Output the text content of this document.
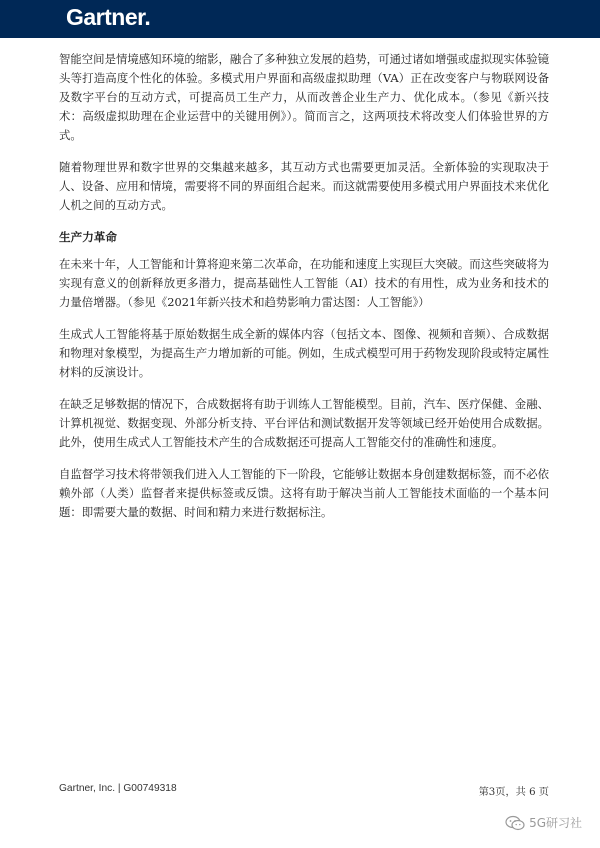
Gartner.

智能空间是情境感知环境的缩影，融合了多种独立发展的趋势，可通过诸如增强或虚拟现实体验镜头等打造高度个性化的体验。多模式用户界面和高级虚拟助理（VA）正在改变客户与物联网设备及数字平台的互动方式，可提高员工生产力，从而改善企业生产力、优化成本。（参见《新兴技术：高级虚拟助理在企业运营中的关键用例》）。简而言之，这两项技术将改变人们体验世界的方式。

随着物理世界和数字世界的交集越来越多，其互动方式也需要更加灵活。全新体验的实现取决于人、设备、应用和情境，需要将不同的界面组合起来。而这就需要使用多模式用户界面技术来优化人机之间的互动方式。

生产力革命

在未来十年，人工智能和计算将迎来第二次革命，在功能和速度上实现巨大突破。而这些突破将为实现有意义的创新释放更多潜力，提高基础性人工智能（AI）技术的有用性，成为业务和技术的力量倍增器。（参见《2021年新兴技术和趋势影响力雷达图：人工智能》）

生成式人工智能将基于原始数据生成全新的媒体内容（包括文本、图像、视频和音频）、合成数据和物理对象模型，为提高生产力增加新的可能。例如，生成式模型可用于药物发现阶段或特定属性材料的反演设计。

在缺乏足够数据的情况下，合成数据将有助于训练人工智能模型。目前，汽车、医疗保健、金融、计算机视觉、数据变现、外部分析支持、平台评估和测试数据开发等领域已经开始使用合成数据。此外，使用生成式人工智能技术产生的合成数据还可提高人工智能交付的准确性和速度。

自监督学习技术将带领我们进入人工智能的下一阶段，它能够让数据本身创建数据标签，而不必依赖外部（人类）监督者来提供标签或反馈。这将有助于解决当前人工智能技术面临的一个基本问题：即需要大量的数据、时间和精力来进行数据标注。

Gartner, Inc. | G00749318	第3页，共 6 页
5G研习社
